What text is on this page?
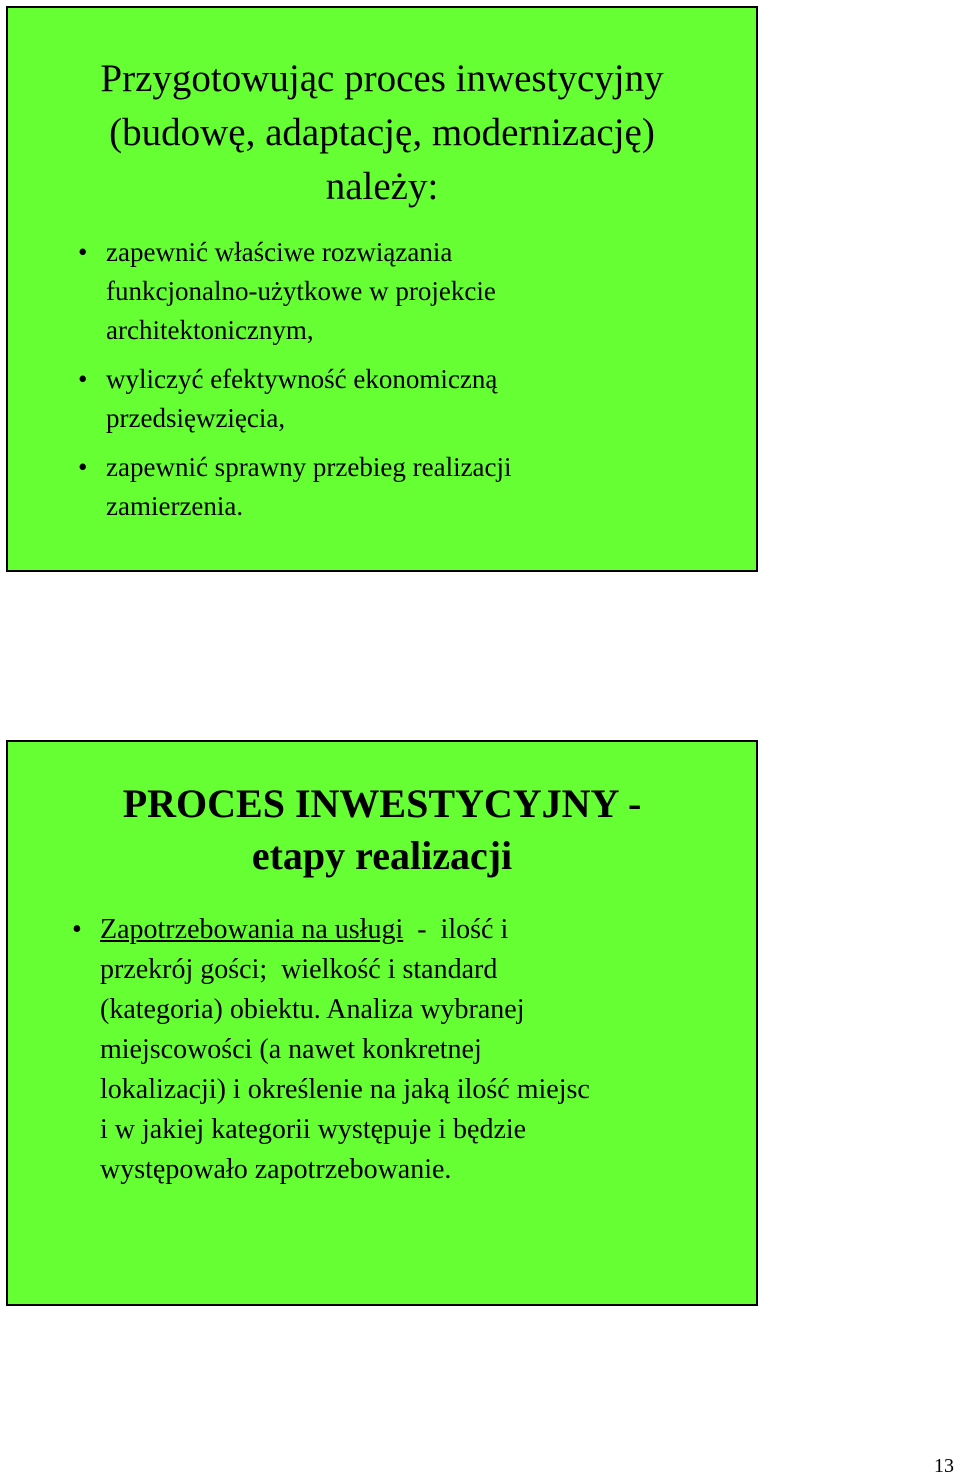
Przygotowując proces inwestycyjny
(budowę, adaptację, modernizację)
należy:
• zapewnić właściwe rozwiązania
funkcjonalno-użytkowe w projekcie
architektonicznym,
• wyliczyć efektywność ekonomiczną
przedsięwzięcia,
• zapewnić sprawny przebieg realizacji
zamierzenia.
PROCES INWESTYCYJNY -
etapy realizacji
• Zapotrzebowania na usługi  -  ilość i
przekrój gości;  wielkość i standard
(kategoria) obiektu. Analiza wybranej
miejscowości (a nawet konkretnej
lokalizacji) i określenie na jaką ilość miejsc
i w jakiej kategorii występuje i będzie
występowało zapotrzebowanie.
13
